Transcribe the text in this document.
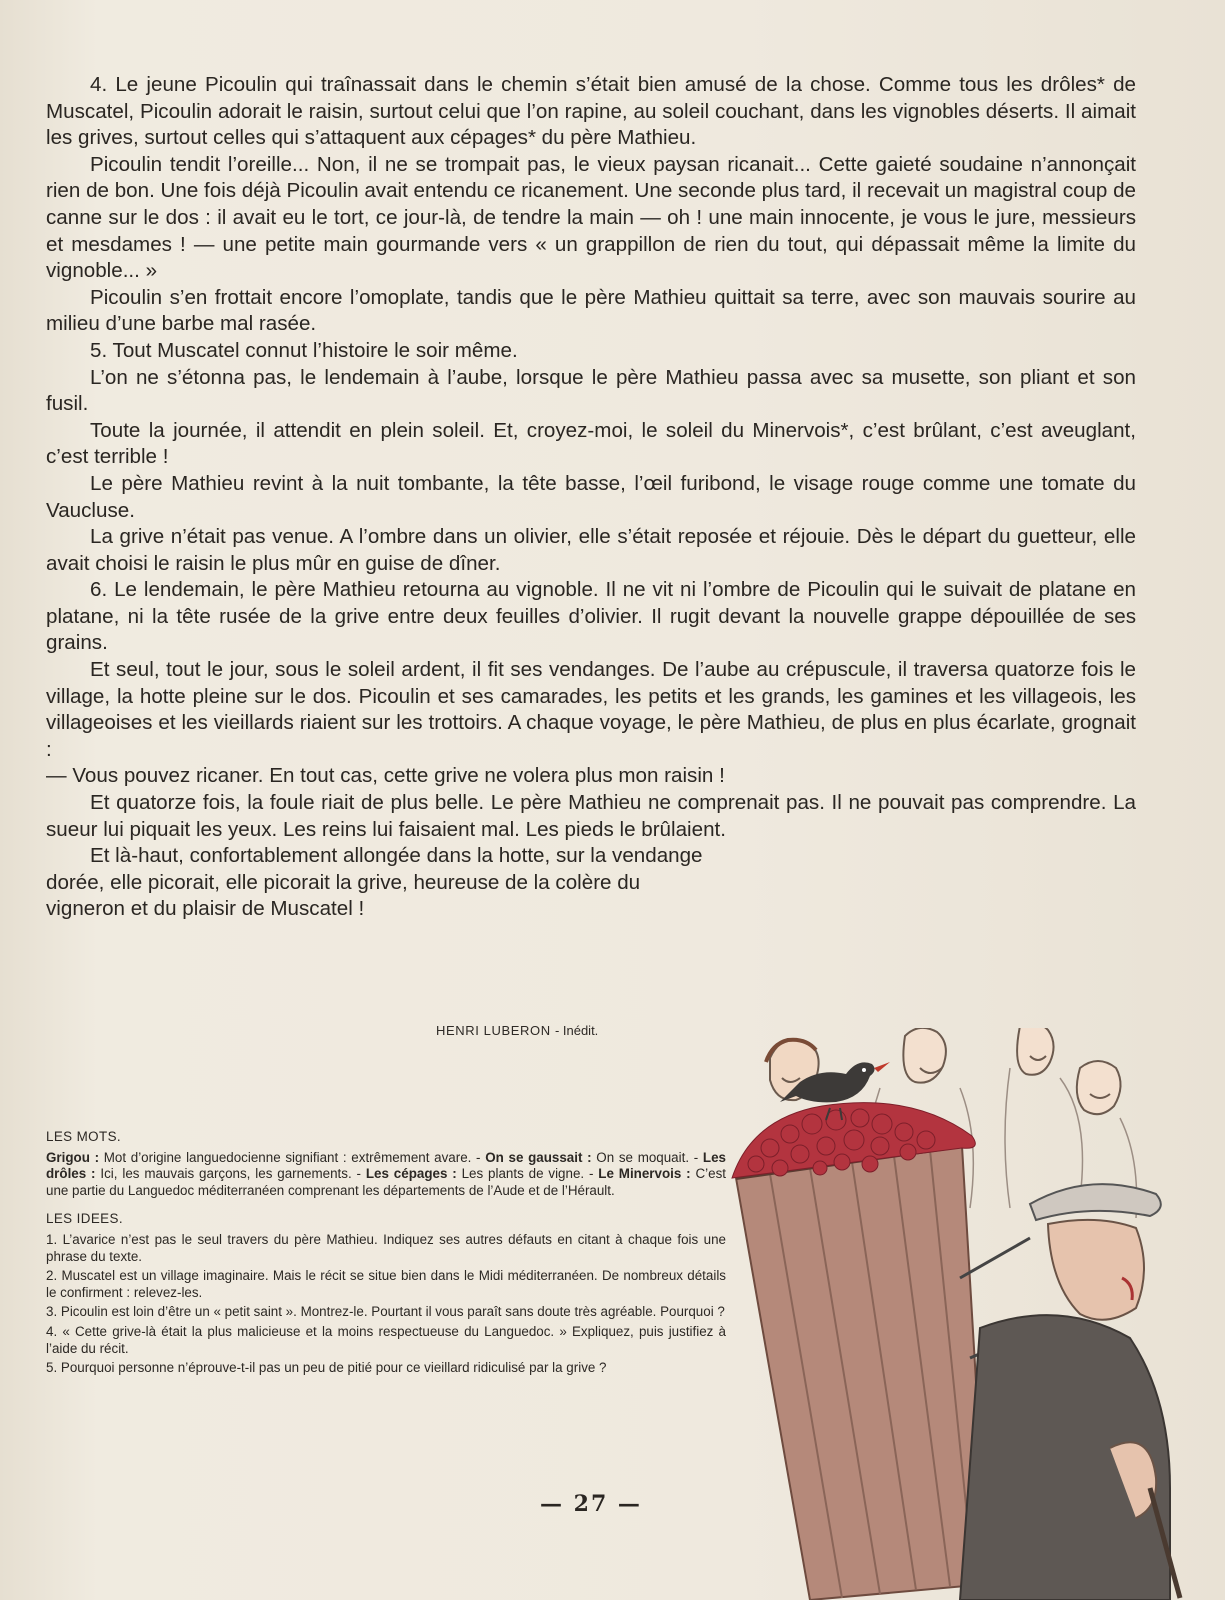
4. Le jeune Picoulin qui traînassait dans le chemin s’était bien amusé de la chose. Comme tous les drôles* de Muscatel, Picoulin adorait le raisin, surtout celui que l’on rapine, au soleil couchant, dans les vignobles déserts. Il aimait les grives, surtout celles qui s’attaquent aux cépages* du père Mathieu.

Picoulin tendit l’oreille... Non, il ne se trompait pas, le vieux paysan ricanait... Cette gaieté soudaine n’annonçait rien de bon. Une fois déjà Picoulin avait entendu ce ricanement. Une seconde plus tard, il recevait un magistral coup de canne sur le dos : il avait eu le tort, ce jour-là, de tendre la main — oh ! une main innocente, je vous le jure, messieurs et mesdames ! — une petite main gourmande vers « un grappillon de rien du tout, qui dépassait même la limite du vignoble... »

Picoulin s’en frottait encore l’omoplate, tandis que le père Mathieu quittait sa terre, avec son mauvais sourire au milieu d’une barbe mal rasée.

5. Tout Muscatel connut l’histoire le soir même.

L’on ne s’étonna pas, le lendemain à l’aube, lorsque le père Mathieu passa avec sa musette, son pliant et son fusil.

Toute la journée, il attendit en plein soleil. Et, croyez-moi, le soleil du Minervois*, c’est brûlant, c’est aveuglant, c’est terrible !

Le père Mathieu revint à la nuit tombante, la tête basse, l’œil furibond, le visage rouge comme une tomate du Vaucluse.

La grive n’était pas venue. A l’ombre dans un olivier, elle s’était reposée et réjouie. Dès le départ du guetteur, elle avait choisi le raisin le plus mûr en guise de dîner.

6. Le lendemain, le père Mathieu retourna au vignoble. Il ne vit ni l’ombre de Picoulin qui le suivait de platane en platane, ni la tête rusée de la grive entre deux feuilles d’olivier. Il rugit devant la nouvelle grappe dépouillée de ses grains.

Et seul, tout le jour, sous le soleil ardent, il fit ses vendanges. De l’aube au crépuscule, il traversa quatorze fois le village, la hotte pleine sur le dos. Picoulin et ses camarades, les petits et les grands, les gamines et les villageois, les villageoises et les vieillards riaient sur les trottoirs. A chaque voyage, le père Mathieu, de plus en plus écarlate, grognait :

— Vous pouvez ricaner. En tout cas, cette grive ne volera plus mon raisin !

Et quatorze fois, la foule riait de plus belle. Le père Mathieu ne comprenait pas. Il ne pouvait pas comprendre. La sueur lui piquait les yeux. Les reins lui faisaient mal. Les pieds le brûlaient.

Et là-haut, confortablement allongée dans la hotte, sur la vendange dorée, elle picorait, elle picorait la grive, heureuse de la colère du vigneron et du plaisir de Muscatel !

HENRI LUBERON - Inédit.

LES MOTS.

Grigou : Mot d’origine languedocienne signifiant : extrêmement avare. - On se gaussait : On se moquait. - Les drôles : Ici, les mauvais garçons, les garnements. - Les cépages : Les plants de vigne. - Le Minervois : C’est une partie du Languedoc méditerranéen comprenant les départements de l’Aude et de l’Hérault.

LES IDEES.

1. L’avarice n’est pas le seul travers du père Mathieu. Indiquez ses autres défauts en citant à chaque fois une phrase du texte.

2. Muscatel est un village imaginaire. Mais le récit se situe bien dans le Midi méditerranéen. De nombreux détails le confirment : relevez-les.

3. Picoulin est loin d’être un « petit saint ». Montrez-le. Pourtant il vous paraît sans doute très agréable. Pourquoi ?

4. « Cette grive-là était la plus malicieuse et la moins respectueuse du Languedoc. » Expliquez, puis justifiez à l’aide du récit.

5. Pourquoi personne n’éprouve-t-il pas un peu de pitié pour ce vieillard ridiculisé par la grive ?

— 27 —
